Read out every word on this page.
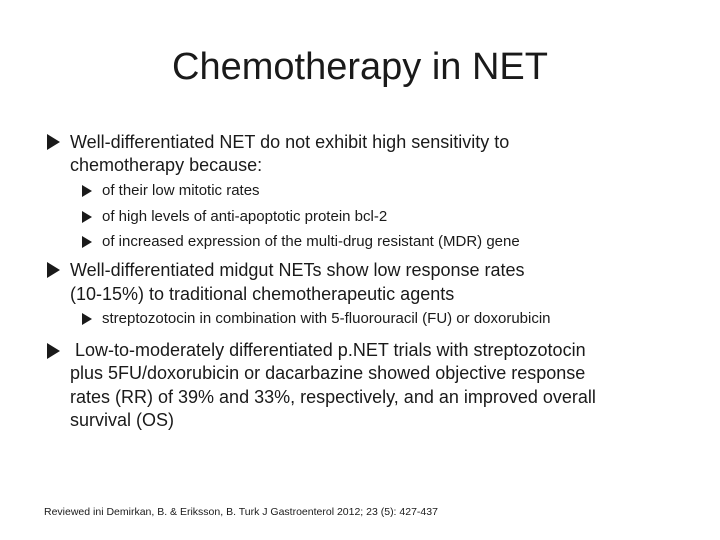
Chemotherapy in NET
Well-differentiated NET do not exhibit high sensitivity to
chemotherapy because:
of their low mitotic rates
of high levels of anti-apoptotic protein bcl-2
of increased expression of the multi-drug resistant (MDR) gene
Well-differentiated midgut NETs show low response rates
(10-15%) to traditional chemotherapeutic agents
streptozotocin in combination with 5-fluorouracil (FU) or doxorubicin
Low-to-moderately differentiated p.NET trials with streptozotocin
plus 5FU/doxorubicin or dacarbazine showed objective response
rates (RR) of 39% and 33%, respectively, and an improved overall
survival (OS)
Reviewed ini Demirkan, B. & Eriksson, B. Turk J Gastroenterol 2012; 23 (5): 427-437
